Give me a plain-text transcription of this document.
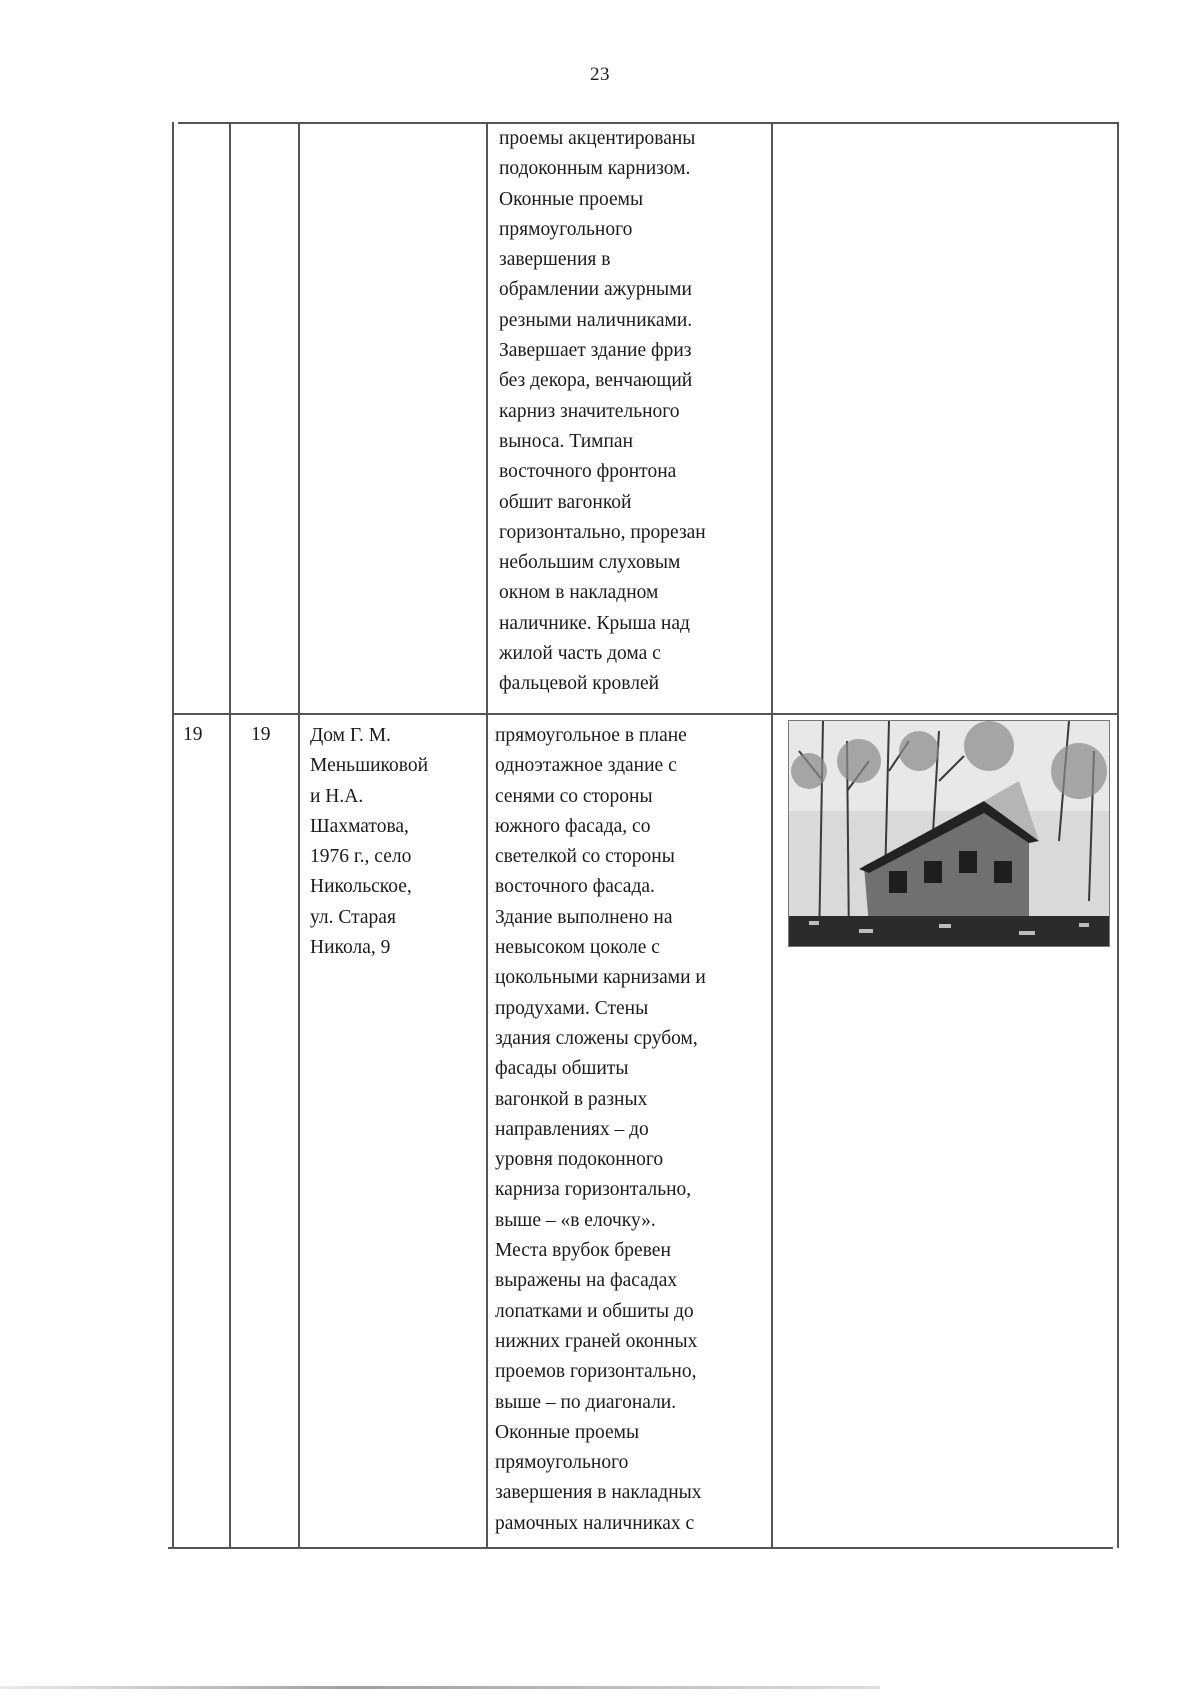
23
проемы акцентированы
подоконным карнизом.
Оконные проемы
прямоугольного
завершения в
обрамлении ажурными
резными наличниками.
Завершает здание фриз
без декора, венчающий
карниз значительного
выноса. Тимпан
восточного фронтона
обшит вагонкой
горизонтально, прорезан
небольшим слуховым
окном в накладном
наличнике. Крыша над
жилой часть дома с
фальцевой кровлей
19 19 Дом Г. М.
Меньшиковой
и Н.А.
Шахматова,
1976 г., село
Никольское,
ул. Старая
Никола, 9
прямоугольное в плане
одноэтажное здание с
сенями со стороны
южного фасада, со
светелкой со стороны
восточного фасада.
Здание выполнено на
невысоком цоколе с
цокольными карнизами и
продухами. Стены
здания сложены срубом,
фасады обшиты
вагонкой в разных
направлениях – до
уровня подоконного
карниза горизонтально,
выше – «в елочку».
Места врубок бревен
выражены на фасадах
лопатками и обшиты до
нижних граней оконных
проемов горизонтально,
выше – по диагонали.
Оконные проемы
прямоугольного
завершения в накладных
рамочных наличниках с
